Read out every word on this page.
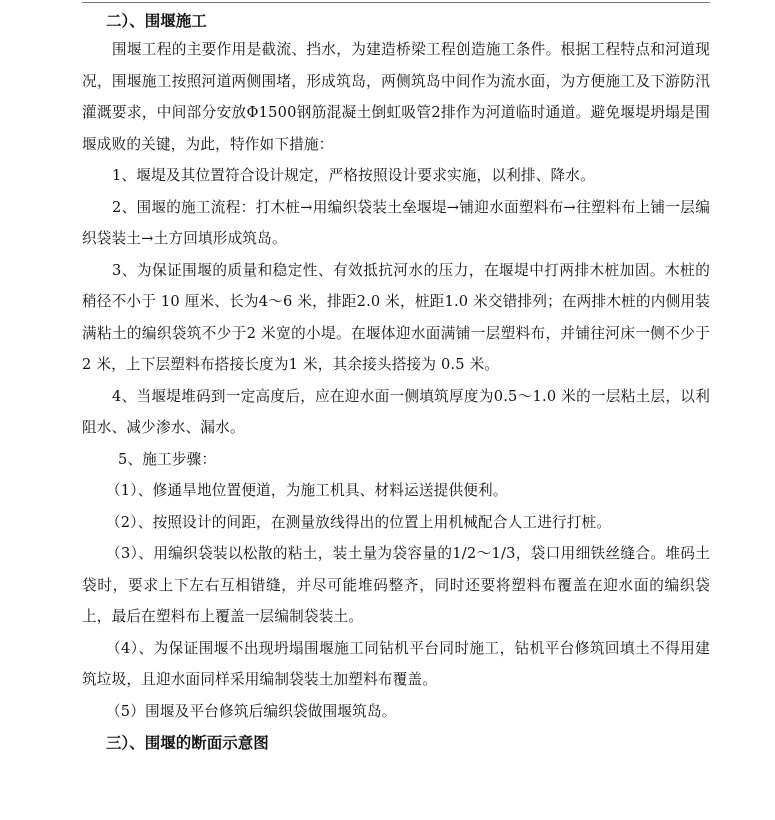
二）、围堰施工

围堰工程的主要作用是截流、挡水，为建造桥梁工程创造施工条件。根据工程特点和河道现况，围堰施工按照河道两侧围堵，形成筑岛，两侧筑岛中间作为流水面，为方便施工及下游防汛灌溉要求，中间部分安放Φ1500钢筋混凝土倒虹吸管2排作为河道临时通道。避免堰堤坍塌是围堰成败的关键，为此，特作如下措施：

1、堰堤及其位置符合设计规定，严格按照设计要求实施，以利排、降水。

2、围堰的施工流程：打木桩→用编织袋装土垒堰堤→铺迎水面塑料布→往塑料布上铺一层编织袋装土→土方回填形成筑岛。

3、为保证围堰的质量和稳定性、有效抵抗河水的压力，在堰堤中打两排木桩加固。木桩的稍径不小于 10 厘米、长为4～6 米，排距2.0 米，桩距1.0 米交错排列；在两排木桩的内侧用装满粘土的编织袋筑不少于2 米宽的小堤。在堰体迎水面满铺一层塑料布，并铺往河床一侧不少于2 米，上下层塑料布搭接长度为1 米，其余接头搭接为 0.5 米。

4、当堰堤堆码到一定高度后，应在迎水面一侧填筑厚度为0.5～1.0 米的一层粘土层，以利阻水、减少渗水、漏水。

5、施工步骤：

（1）、修通旱地位置便道，为施工机具、材料运送提供便利。

（2）、按照设计的间距，在测量放线得出的位置上用机械配合人工进行打桩。

（3）、用编织袋装以松散的粘土，装土量为袋容量的1/2～1/3，袋口用细铁丝缝合。堆码土袋时，要求上下左右互相错缝，并尽可能堆码整齐，同时还要将塑料布覆盖在迎水面的编织袋上，最后在塑料布上覆盖一层编制袋装土。

（4）、为保证围堰不出现坍塌围堰施工同钻机平台同时施工，钻机平台修筑回填土不得用建筑垃圾，且迎水面同样采用编制袋装土加塑料布覆盖。

（5）围堰及平台修筑后编织袋做围堰筑岛。

三）、围堰的断面示意图
